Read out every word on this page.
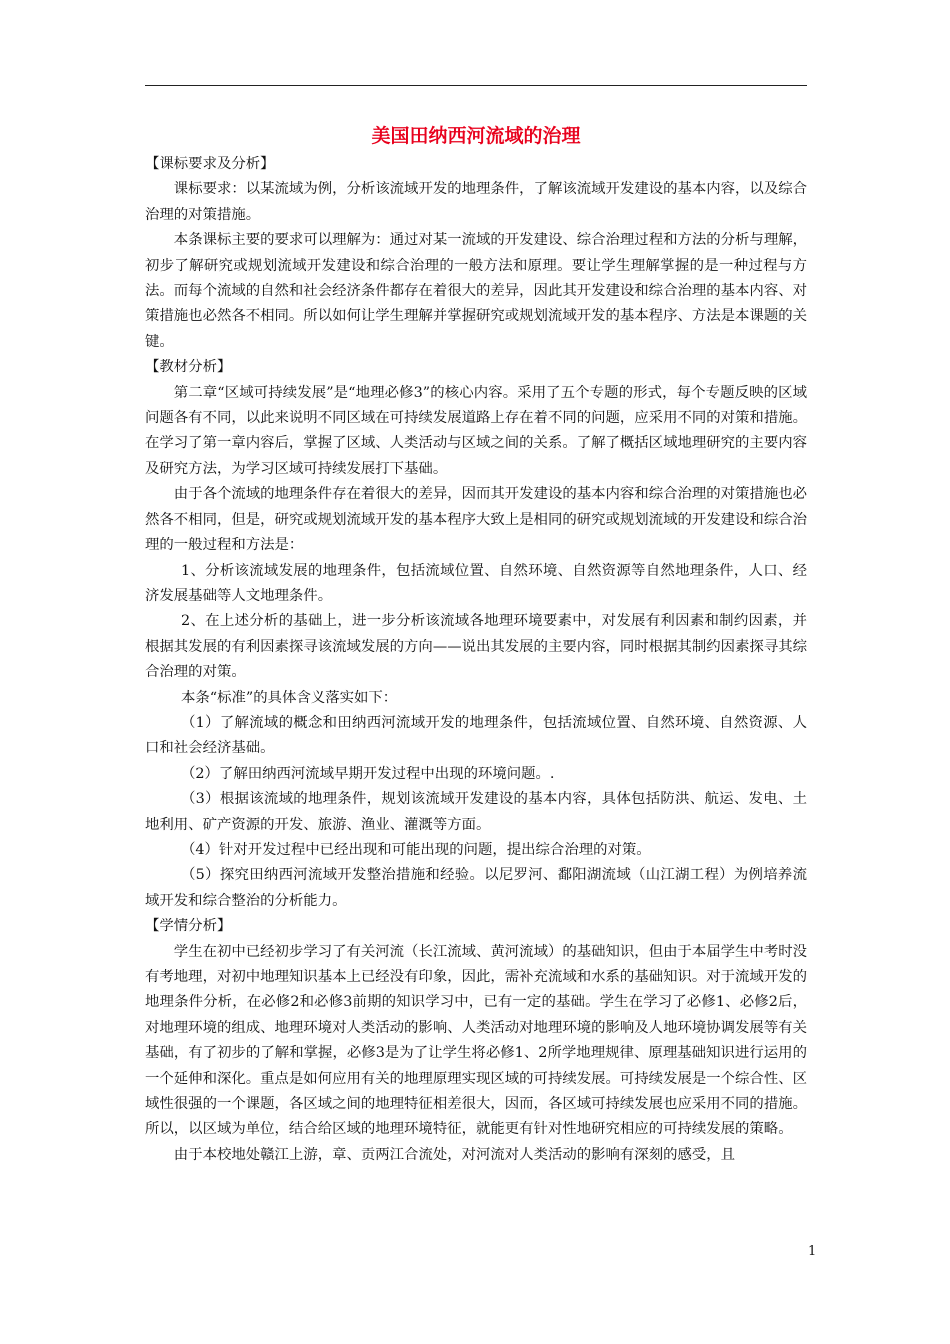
美国田纳西河流域的治理

【课标要求及分析】

课标要求：以某流域为例，分析该流域开发的地理条件，了解该流域开发建设的基本内容，以及综合治理的对策措施。

本条课标主要的要求可以理解为：通过对某一流域的开发建设、综合治理过程和方法的分析与理解，初步了解研究或规划流域开发建设和综合治理的一般方法和原理。要让学生理解掌握的是一种过程与方法。而每个流域的自然和社会经济条件都存在着很大的差异，因此其开发建设和综合治理的基本内容、对策措施也必然各不相同。所以如何让学生理解并掌握研究或规划流域开发的基本程序、方法是本课题的关键。

【教材分析】

第二章“区域可持续发展”是“地理必修3”的核心内容。采用了五个专题的形式，每个专题反映的区域问题各有不同，以此来说明不同区域在可持续发展道路上存在着不同的问题，应采用不同的对策和措施。在学习了第一章内容后，掌握了区域、人类活动与区域之间的关系。了解了概括区域地理研究的主要内容及研究方法，为学习区域可持续发展打下基础。

由于各个流域的地理条件存在着很大的差异，因而其开发建设的基本内容和综合治理的对策措施也必然各不相同，但是，研究或规划流域开发的基本程序大致上是相同的研究或规划流域的开发建设和综合治理的一般过程和方法是：

1、分析该流域发展的地理条件，包括流域位置、自然环境、自然资源等自然地理条件，人口、经济发展基础等人文地理条件。

2、在上述分析的基础上，进一步分析该流域各地理环境要素中，对发展有利因素和制约因素，并根据其发展的有利因素探寻该流域发展的方向——说出其发展的主要内容，同时根据其制约因素探寻其综合治理的对策。

本条“标准”的具体含义落实如下：

（1）了解流域的概念和田纳西河流域开发的地理条件，包括流域位置、自然环境、自然资源、人口和社会经济基础。

（2）了解田纳西河流域早期开发过程中出现的环境问题。.

（3）根据该流域的地理条件，规划该流域开发建设的基本内容，具体包括防洪、航运、发电、土地利用、矿产资源的开发、旅游、渔业、灌溉等方面。

（4）针对开发过程中已经出现和可能出现的问题，提出综合治理的对策。

（5）探究田纳西河流域开发整治措施和经验。以尼罗河、鄱阳湖流域（山江湖工程）为例培养流域开发和综合整治的分析能力。

【学情分析】

学生在初中已经初步学习了有关河流（长江流域、黄河流域）的基础知识，但由于本届学生中考时没有考地理，对初中地理知识基本上已经没有印象，因此，需补充流域和水系的基础知识。对于流域开发的地理条件分析，在必修2和必修3前期的知识学习中，已有一定的基础。学生在学习了必修1、必修2后，对地理环境的组成、地理环境对人类活动的影响、人类活动对地理环境的影响及人地环境协调发展等有关基础，有了初步的了解和掌握，必修3是为了让学生将必修1、2所学地理规律、原理基础知识进行运用的一个延伸和深化。重点是如何应用有关的地理原理实现区域的可持续发展。可持续发展是一个综合性、区域性很强的一个课题，各区域之间的地理特征相差很大，因而，各区域可持续发展也应采用不同的措施。所以，以区域为单位，结合给区域的地理环境特征，就能更有针对性地研究相应的可持续发展的策略。

由于本校地处赣江上游，章、贡两江合流处，对河流对人类活动的影响有深刻的感受，且

1
